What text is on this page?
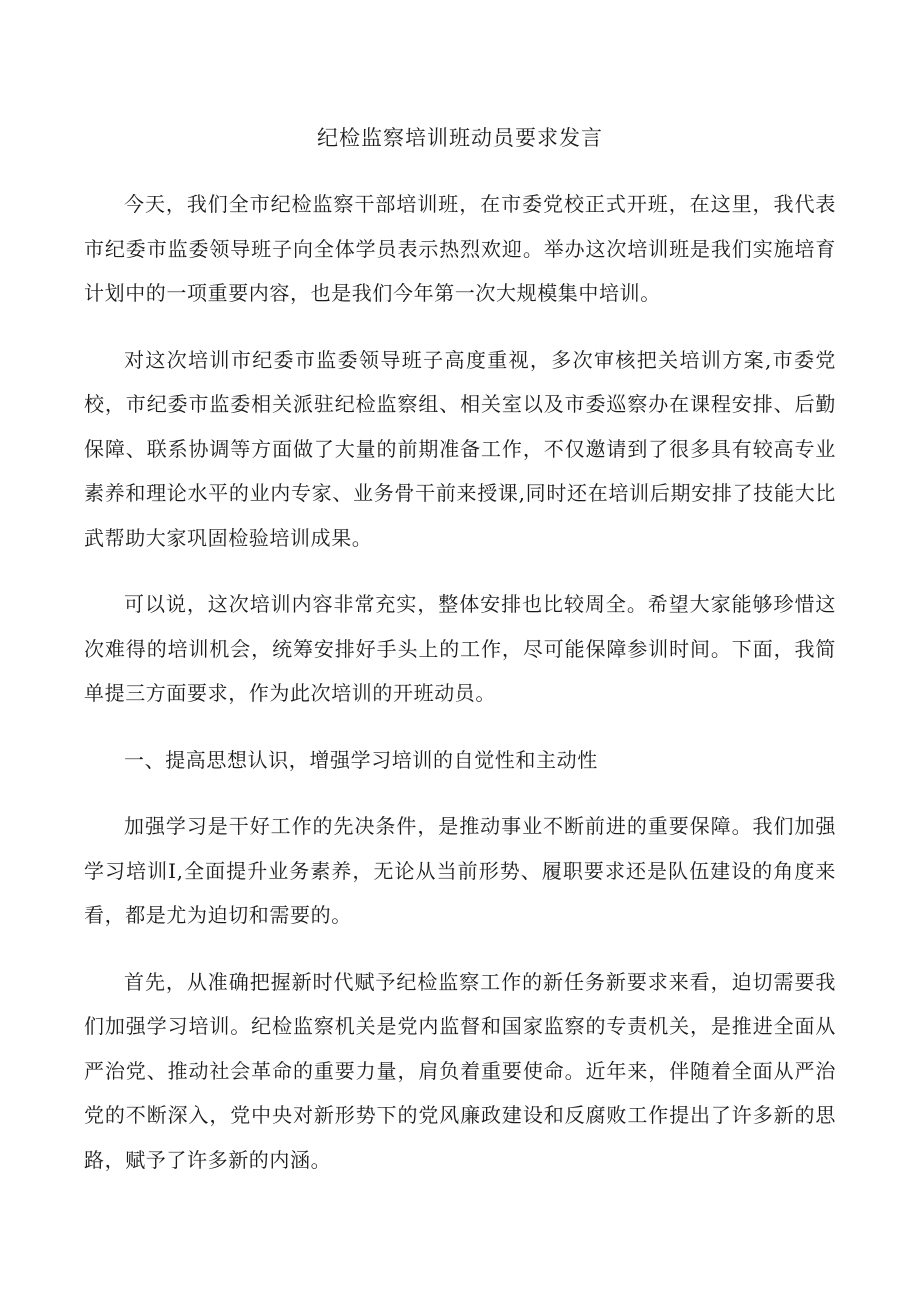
纪检监察培训班动员要求发言

今天，我们全市纪检监察干部培训班，在市委党校正式开班，在这里，我代表市纪委市监委领导班子向全体学员表示热烈欢迎。举办这次培训班是我们实施培育计划中的一项重要内容，也是我们今年第一次大规模集中培训。

对这次培训市纪委市监委领导班子高度重视，多次审核把关培训方案,市委党校，市纪委市监委相关派驻纪检监察组、相关室以及市委巡察办在课程安排、后勤保障、联系协调等方面做了大量的前期准备工作，不仅邀请到了很多具有较高专业素养和理论水平的业内专家、业务骨干前来授课,同时还在培训后期安排了技能大比武帮助大家巩固检验培训成果。

可以说，这次培训内容非常充实，整体安排也比较周全。希望大家能够珍惜这次难得的培训机会，统筹安排好手头上的工作，尽可能保障参训时间。下面，我简单提三方面要求，作为此次培训的开班动员。

一、提高思想认识，增强学习培训的自觉性和主动性

加强学习是干好工作的先决条件，是推动事业不断前进的重要保障。我们加强学习培训I,全面提升业务素养，无论从当前形势、履职要求还是队伍建设的角度来看，都是尤为迫切和需要的。

首先，从准确把握新时代赋予纪检监察工作的新任务新要求来看，迫切需要我们加强学习培训。纪检监察机关是党内监督和国家监察的专责机关，是推进全面从严治党、推动社会革命的重要力量，肩负着重要使命。近年来，伴随着全面从严治党的不断深入，党中央对新形势下的党风廉政建设和反腐败工作提出了许多新的思路，赋予了许多新的内涵。
